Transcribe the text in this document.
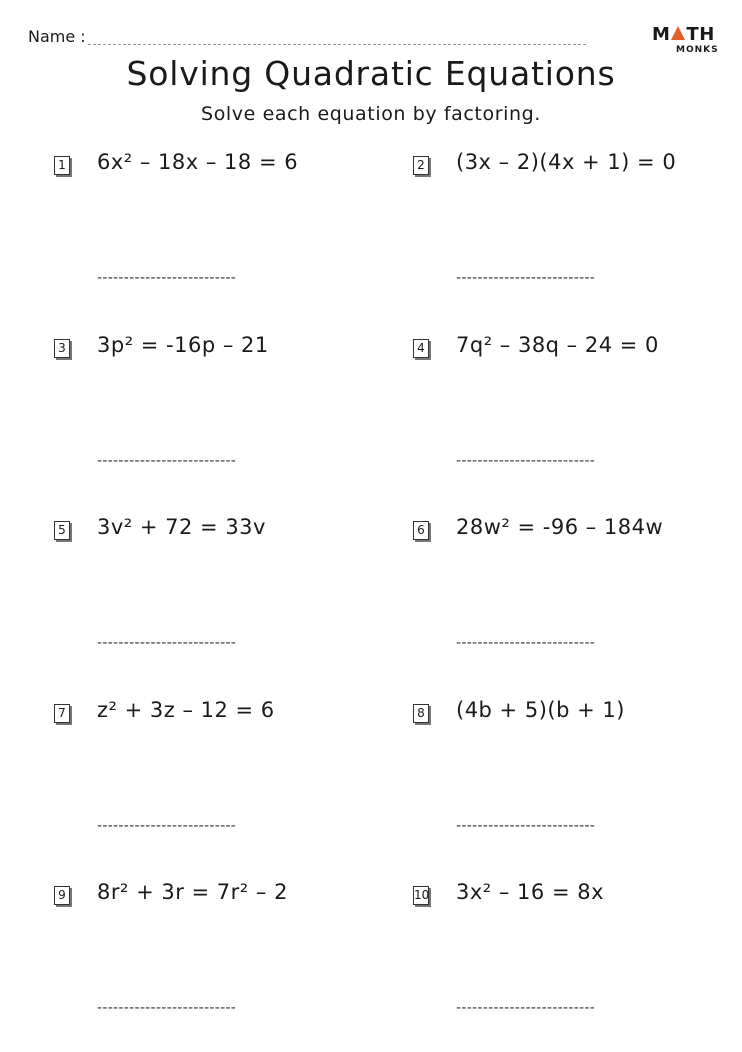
Name :	M TH
MONKS
Solving Quadratic Equations
Solve each equation by factoring.
1 6x² – 18x – 18 = 6
--------------------------
2 (3x – 2)(4x + 1) = 0
--------------------------
3 3p² = -16p – 21
--------------------------
4 7q² – 38q – 24 = 0
--------------------------
5 3v² + 72 = 33v
--------------------------
6 28w² = -96 – 184w
--------------------------
7 z² + 3z – 12 = 6
--------------------------
8 (4b + 5)(b + 1)
--------------------------
9 8r² + 3r = 7r² – 2
--------------------------
10 3x² – 16 = 8x
--------------------------
